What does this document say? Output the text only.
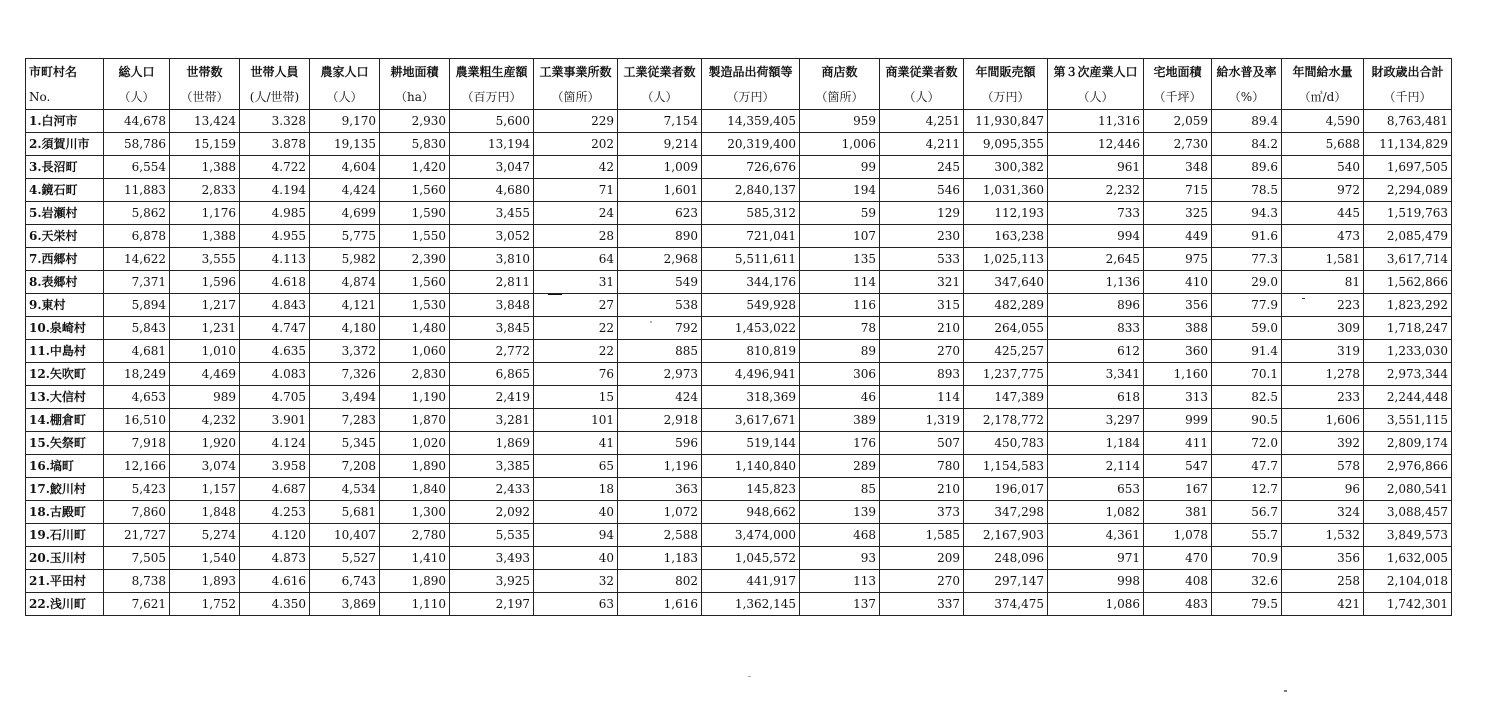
市町村名	総人口	世帯数	世帯人員	農家人口	耕地面積	農業粗生産額	工業事業所数	工業従業者数	製造品出荷額等	商店数	商業従業者数	年間販売額	第３次産業人口	宅地面積	給水普及率	年間給水量	財政歳出合計
No.	（人）	（世帯）	(人/世帯)	（人）	（ha）	（百万円）	（箇所）	（人）	（万円）	（箇所）	（人）	（万円）	（人）	（千坪）	（%）	（㎥/d）	（千円）
1.白河市	44,678	13,424	3.328	9,170	2,930	5,600	229	7,154	14,359,405	959	4,251	11,930,847	11,316	2,059	89.4	4,590	8,763,481
2.須賀川市	58,786	15,159	3.878	19,135	5,830	13,194	202	9,214	20,319,400	1,006	4,211	9,095,355	12,446	2,730	84.2	5,688	11,134,829
3.長沼町	6,554	1,388	4.722	4,604	1,420	3,047	42	1,009	726,676	99	245	300,382	961	348	89.6	540	1,697,505
4.鏡石町	11,883	2,833	4.194	4,424	1,560	4,680	71	1,601	2,840,137	194	546	1,031,360	2,232	715	78.5	972	2,294,089
5.岩瀬村	5,862	1,176	4.985	4,699	1,590	3,455	24	623	585,312	59	129	112,193	733	325	94.3	445	1,519,763
6.天栄村	6,878	1,388	4.955	5,775	1,550	3,052	28	890	721,041	107	230	163,238	994	449	91.6	473	2,085,479
7.西郷村	14,622	3,555	4.113	5,982	2,390	3,810	64	2,968	5,511,611	135	533	1,025,113	2,645	975	77.3	1,581	3,617,714
8.表郷村	7,371	1,596	4.618	4,874	1,560	2,811	31	549	344,176	114	321	347,640	1,136	410	29.0	81	1,562,866
9.東村	5,894	1,217	4.843	4,121	1,530	3,848	27	538	549,928	116	315	482,289	896	356	77.9	223	1,823,292
10.泉崎村	5,843	1,231	4.747	4,180	1,480	3,845	22	792	1,453,022	78	210	264,055	833	388	59.0	309	1,718,247
11.中島村	4,681	1,010	4.635	3,372	1,060	2,772	22	885	810,819	89	270	425,257	612	360	91.4	319	1,233,030
12.矢吹町	18,249	4,469	4.083	7,326	2,830	6,865	76	2,973	4,496,941	306	893	1,237,775	3,341	1,160	70.1	1,278	2,973,344
13.大信村	4,653	989	4.705	3,494	1,190	2,419	15	424	318,369	46	114	147,389	618	313	82.5	233	2,244,448
14.棚倉町	16,510	4,232	3.901	7,283	1,870	3,281	101	2,918	3,617,671	389	1,319	2,178,772	3,297	999	90.5	1,606	3,551,115
15.矢祭町	7,918	1,920	4.124	5,345	1,020	1,869	41	596	519,144	176	507	450,783	1,184	411	72.0	392	2,809,174
16.塙町	12,166	3,074	3.958	7,208	1,890	3,385	65	1,196	1,140,840	289	780	1,154,583	2,114	547	47.7	578	2,976,866
17.鮫川村	5,423	1,157	4.687	4,534	1,840	2,433	18	363	145,823	85	210	196,017	653	167	12.7	96	2,080,541
18.古殿町	7,860	1,848	4.253	5,681	1,300	2,092	40	1,072	948,662	139	373	347,298	1,082	381	56.7	324	3,088,457
19.石川町	21,727	5,274	4.120	10,407	2,780	5,535	94	2,588	3,474,000	468	1,585	2,167,903	4,361	1,078	55.7	1,532	3,849,573
20.玉川村	7,505	1,540	4.873	5,527	1,410	3,493	40	1,183	1,045,572	93	209	248,096	971	470	70.9	356	1,632,005
21.平田村	8,738	1,893	4.616	6,743	1,890	3,925	32	802	441,917	113	270	297,147	998	408	32.6	258	2,104,018
22.浅川町	7,621	1,752	4.350	3,869	1,110	2,197	63	1,616	1,362,145	137	337	374,475	1,086	483	79.5	421	1,742,301
